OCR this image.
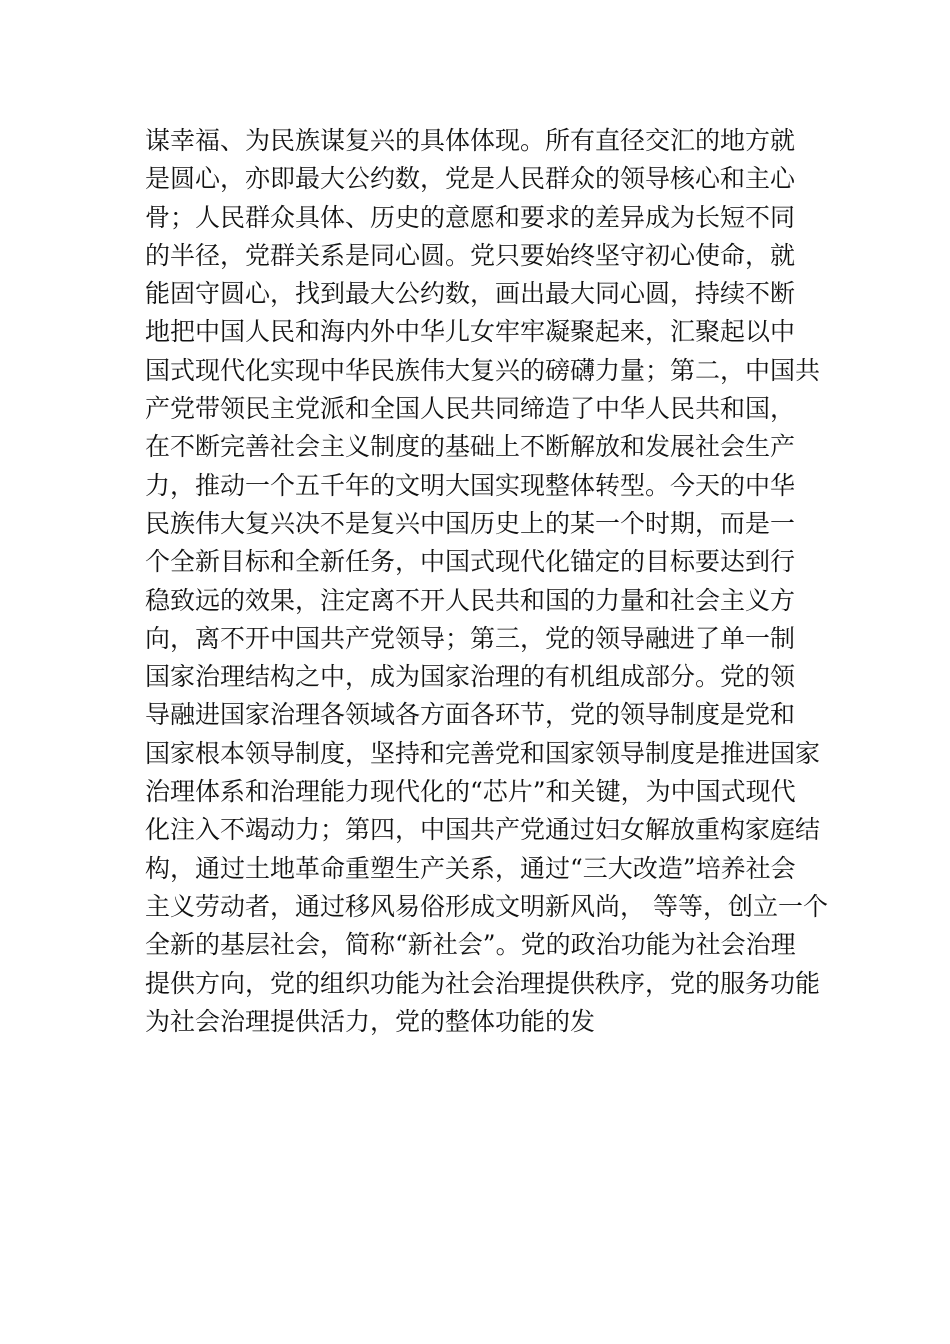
谋幸福、为民族谋复兴的具体体现。所有直径交汇的地方就
是圆心，亦即最大公约数，党是人民群众的领导核心和主心
骨；人民群众具体、历史的意愿和要求的差异成为长短不同
的半径，党群关系是同心圆。党只要始终坚守初心使命，就
能固守圆心，找到最大公约数，画出最大同心圆，持续不断
地把中国人民和海内外中华儿女牢牢凝聚起来，汇聚起以中
国式现代化实现中华民族伟大复兴的磅礴力量；第二，中国共
产党带领民主党派和全国人民共同缔造了中华人民共和国，
在不断完善社会主义制度的基础上不断解放和发展社会生产
力，推动一个五千年的文明大国实现整体转型。今天的中华
民族伟大复兴决不是复兴中国历史上的某一个时期，而是一
个全新目标和全新任务，中国式现代化锚定的目标要达到行
稳致远的效果，注定离不开人民共和国的力量和社会主义方
向，离不开中国共产党领导；第三，党的领导融进了单一制
国家治理结构之中，成为国家治理的有机组成部分。党的领
导融进国家治理各领域各方面各环节，党的领导制度是党和
国家根本领导制度，坚持和完善党和国家领导制度是推进国家
治理体系和治理能力现代化的“芯片”和关键，为中国式现代
化注入不竭动力；第四，中国共产党通过妇女解放重构家庭结
构，通过土地革命重塑生产关系，通过“三大改造”培养社会
主义劳动者，通过移风易俗形成文明新风尚， 等等，创立一个
全新的基层社会，简称“新社会”。党的政治功能为社会治理
提供方向，党的组织功能为社会治理提供秩序，党的服务功能
为社会治理提供活力，党的整体功能的发
